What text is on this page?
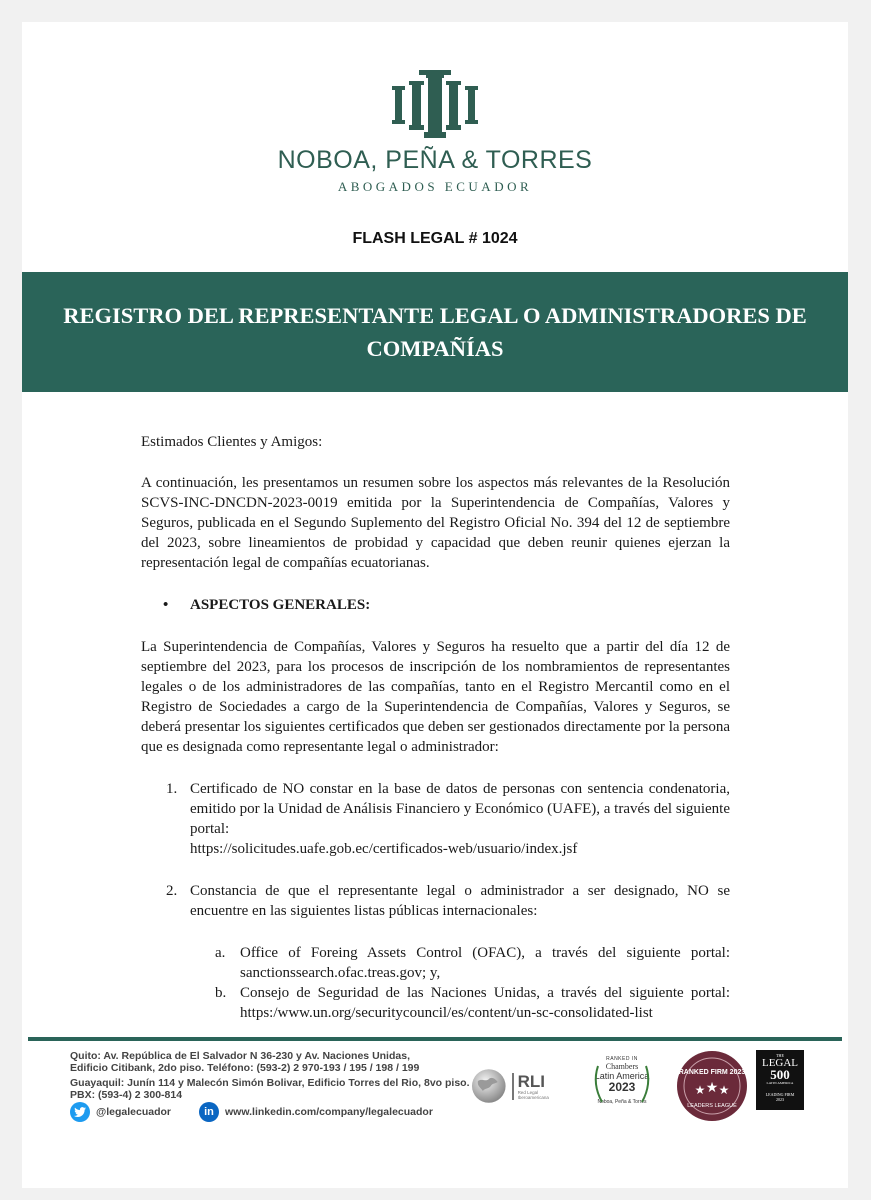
NOBOA, PEÑA & TORRES
ABOGADOS ECUADOR
FLASH LEGAL # 1024
REGISTRO DEL REPRESENTANTE LEGAL O ADMINISTRADORES DE COMPAÑÍAS

Estimados Clientes y Amigos:

A continuación, les presentamos un resumen sobre los aspectos más relevantes de la Resolución SCVS-INC-DNCDN-2023-0019 emitida por la Superintendencia de Compañías, Valores y Seguros, publicada en el Segundo Suplemento del Registro Oficial No. 394 del 12 de septiembre del 2023, sobre lineamientos de probidad y capacidad que deben reunir quienes ejerzan la representación legal de compañías ecuatorianas.

•	ASPECTOS GENERALES:

La Superintendencia de Compañías, Valores y Seguros ha resuelto que a partir del día 12 de septiembre del 2023, para los procesos de inscripción de los nombramientos de representantes legales o de los administradores de las compañías, tanto en el Registro Mercantil como en el Registro de Sociedades a cargo de la Superintendencia de Compañías, Valores y Seguros, se deberá presentar los siguientes certificados que deben ser gestionados directamente por la persona que es designada como representante legal o administrador:

1. Certificado de NO constar en la base de datos de personas con sentencia condenatoria, emitido por la Unidad de Análisis Financiero y Económico (UAFE), a través del siguiente portal:

https://solicitudes.uafe.gob.ec/certificados-web/usuario/index.jsf

2. Constancia de que el representante legal o administrador a ser designado, NO se encuentre en las siguientes listas públicas internacionales:

a. Office of Foreing Assets Control (OFAC), a través del siguiente portal: sanctionssearch.ofac.treas.gov; y,
b. Consejo de Seguridad de las Naciones Unidas, a través del siguiente portal: https:/www.un.org/securitycouncil/es/content/un-sc-consolidated-list
Quito: Av. República de El Salvador N 36-230 y Av. Naciones Unidas,
Edificio Citibank, 2do piso. Teléfono: (593-2) 2 970-193 / 195 / 198 / 199
Guayaquil: Junín 114 y Malecón Simón Bolivar, Edificio Torres del Rio, 8vo piso.
PBX: (593-4) 2 300-814
@legalecuador	in	www.linkedin.com/company/legalecuador
RLI
Red Legal Iberoamericana
RANKED IN
Chambers
Latin America
2023
Noboa, Peña & Torres
RANKED FIRM 2023
★ ★ ★
LEADERS LEAGUE
THE
LEGAL
500
LATIN AMERICA
LEADING FIRM
2023
